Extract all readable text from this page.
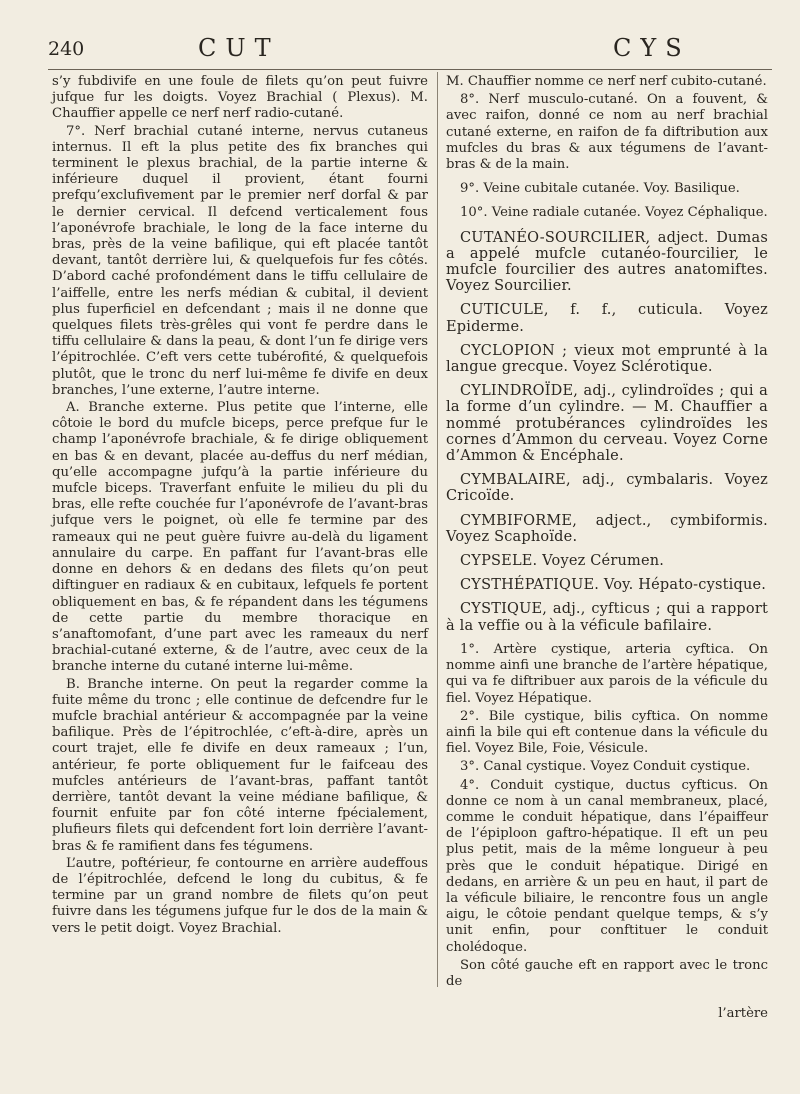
240	CUT	CYS

s’y fubdivife en une foule de filets qu’on peut fuivre jufque fur les doigts. Voyez Brachial ( Plexus). M. Chauffier appelle ce nerf nerf radio-cutané.

7°. Nerf brachial cutané interne, nervus cutaneus internus. Il eft la plus petite des fix branches qui terminent le plexus brachial, de la partie interne & inférieure duquel il provient, étant fourni prefqu’exclufivement par le premier nerf dorfal & par le dernier cervical. Il defcend verticalement fous l’aponévrofe brachiale, le long de la face interne du bras, près de la veine bafilique, qui eft placée tantôt devant, tantôt derrière lui, & quelquefois fur fes côtés. D’abord caché profondément dans le tiffu cellulaire de l’aiffelle, entre les nerfs médian & cubital, il devient plus fuperficiel en defcendant ; mais il ne donne que quelques filets très-grêles qui vont fe perdre dans le tiffu cellulaire & dans la peau, & dont l’un fe dirige vers l’épitrochlée. C’eft vers cette tubérofité, & quelquefois plutôt, que le tronc du nerf lui-même fe divife en deux branches, l’une externe, l’autre interne.

A. Branche externe. Plus petite que l’interne, elle côtoie le bord du mufcle biceps, perce prefque fur le champ l’aponévrofe brachiale, & fe dirige obliquement en bas & en devant, placée au-deffus du nerf médian, qu’elle accompagne jufqu’à la partie inférieure du mufcle biceps. Traverfant enfuite le milieu du pli du bras, elle refte couchée fur l’aponévrofe de l’avant-bras jufque vers le poignet, où elle fe termine par des rameaux qui ne peut guère fuivre au-delà du ligament annulaire du carpe. En paffant fur l’avant-bras elle donne en dehors & en dedans des filets qu’on peut diftinguer en radiaux & en cubitaux, lefquels fe portent obliquement en bas, & fe répandent dans les tégumens de cette partie du membre thoracique en s’anaftomofant, d’une part avec les rameaux du nerf brachial-cutané externe, & de l’autre, avec ceux de la branche interne du cutané interne lui-même.

B. Branche interne. On peut la regarder comme la fuite même du tronc ; elle continue de defcendre fur le mufcle brachial antérieur & accompagnée par la veine bafilique. Près de l’épitrochlée, c’eft-à-dire, après un court trajet, elle fe divife en deux rameaux ; l’un, antérieur, fe porte obliquement fur le faifceau des mufcles antérieurs de l’avant-bras, paffant tantôt derrière, tantôt devant la veine médiane bafilique, & fournit enfuite par fon côté interne fpécialement, plufieurs filets qui defcendent fort loin derrière l’avant-bras & fe ramifient dans fes tégumens.

L’autre, poftérieur, fe contourne en arrière audeffous de l’épitrochlée, defcend le long du cubitus, & fe termine par un grand nombre de filets qu’on peut fuivre dans les tégumens jufque fur le dos de la main & vers le petit doigt. Voyez Brachial.

M. Chauffier nomme ce nerf nerf cubito-cutané.

8°. Nerf musculo-cutané. On a fouvent, & avec raifon, donné ce nom au nerf brachial cutané externe, en raifon de fa diftribution aux mufcles du bras & aux tégumens de l’avant-bras & de la main.

9°. Veine cubitale cutanée. Voy. Basilique.

10°. Veine radiale cutanée. Voyez Céphalique.

CUTANÉO-SOURCILIER, adject. Dumas a appelé mufcle cutanéo-fourcilier, le mufcle fourcilier des autres anatomiftes. Voyez Sourcilier.

CUTICULE, f. f., cuticula. Voyez Epiderme.

CYCLOPION ; vieux mot emprunté à la langue grecque. Voyez Sclérotique.

CYLINDROÏDE, adj., cylindroïdes ; qui a la forme d’un cylindre. — M. Chauffier a nommé protubérances cylindroïdes les cornes d’Ammon du cerveau. Voyez Corne d’Ammon & Encéphale.

CYMBALAIRE, adj., cymbalaris. Voyez Cricoïde.

CYMBIFORME, adject., cymbiformis. Voyez Scaphoïde.

CYPSELE. Voyez Cérumen.

CYSTHÉPATIQUE. Voy. Hépato-cystique.

CYSTIQUE, adj., cyfticus ; qui a rapport à la veffie ou à la véficule bafilaire.

1°. Artère cystique, arteria cyftica. On nomme ainfi une branche de l’artère hépatique, qui va fe diftribuer aux parois de la véficule du fiel. Voyez Hépatique.

2°. Bile cystique, bilis cyftica. On nomme ainfi la bile qui eft contenue dans la véficule du fiel. Voyez Bile, Foie, Vésicule.

3°. Canal cystique. Voyez Conduit cystique.

4°. Conduit cystique, ductus cyfticus. On donne ce nom à un canal membraneux, placé, comme le conduit hépatique, dans l’épaiffeur de l’épiploon gaftro-hépatique. Il eft un peu plus petit, mais de la même longueur à peu près que le conduit hépatique. Dirigé en dedans, en arrière & un peu en haut, il part de la véficule biliaire, le rencontre fous un angle aigu, le côtoie pendant quelque temps, & s’y unit enfin, pour conftituer le conduit cholédoque.

Son côté gauche eft en rapport avec le tronc de

l’artère
